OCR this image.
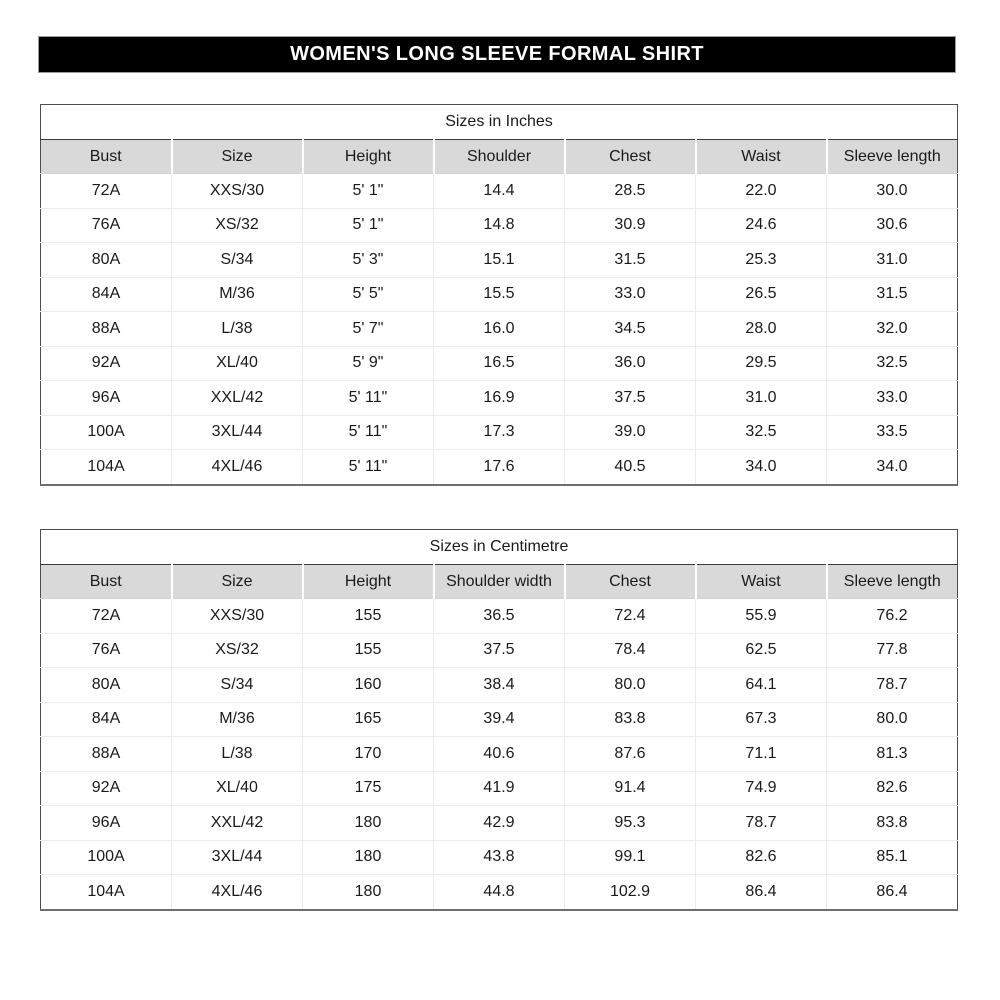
WOMEN'S LONG SLEEVE FORMAL SHIRT
Sizes in Inches						
Bust	Size	Height	Shoulder	Chest	Waist	Sleeve length
72A	XXS/30	5' 1"	14.4	28.5	22.0	30.0
76A	XS/32	5' 1"	14.8	30.9	24.6	30.6
80A	S/34	5' 3"	15.1	31.5	25.3	31.0
84A	M/36	5' 5"	15.5	33.0	26.5	31.5
88A	L/38	5' 7"	16.0	34.5	28.0	32.0
92A	XL/40	5' 9"	16.5	36.0	29.5	32.5
96A	XXL/42	5' 11"	16.9	37.5	31.0	33.0
100A	3XL/44	5' 11"	17.3	39.0	32.5	33.5
104A	4XL/46	5' 11"	17.6	40.5	34.0	34.0
Sizes in Centimetre						
Bust	Size	Height	Shoulder width	Chest	Waist	Sleeve length
72A	XXS/30	155	36.5	72.4	55.9	76.2
76A	XS/32	155	37.5	78.4	62.5	77.8
80A	S/34	160	38.4	80.0	64.1	78.7
84A	M/36	165	39.4	83.8	67.3	80.0
88A	L/38	170	40.6	87.6	71.1	81.3
92A	XL/40	175	41.9	91.4	74.9	82.6
96A	XXL/42	180	42.9	95.3	78.7	83.8
100A	3XL/44	180	43.8	99.1	82.6	85.1
104A	4XL/46	180	44.8	102.9	86.4	86.4
